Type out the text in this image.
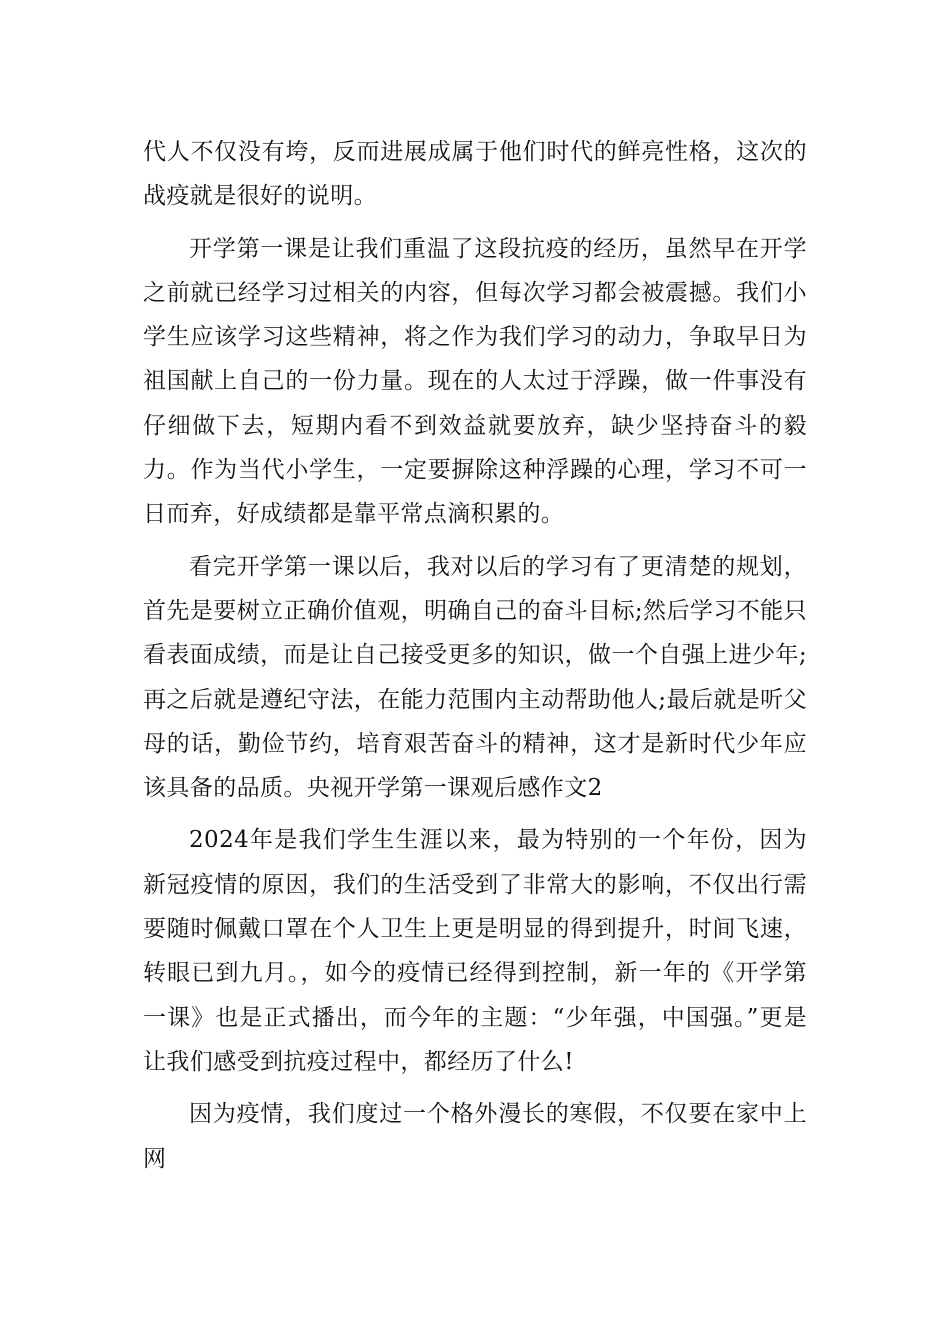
代人不仅没有垮，反而进展成属于他们时代的鲜亮性格，这次的战疫就是很好的说明。

开学第一课是让我们重温了这段抗疫的经历，虽然早在开学之前就已经学习过相关的内容，但每次学习都会被震撼。我们小学生应该学习这些精神，将之作为我们学习的动力，争取早日为祖国献上自己的一份力量。现在的人太过于浮躁，做一件事没有仔细做下去，短期内看不到效益就要放弃，缺少坚持奋斗的毅力。作为当代小学生，一定要摒除这种浮躁的心理，学习不可一日而弃，好成绩都是靠平常点滴积累的。

看完开学第一课以后，我对以后的学习有了更清楚的规划，首先是要树立正确价值观，明确自己的奋斗目标;然后学习不能只看表面成绩，而是让自己接受更多的知识，做一个自强上进少年;再之后就是遵纪守法，在能力范围内主动帮助他人;最后就是听父母的话，勤俭节约，培育艰苦奋斗的精神，这才是新时代少年应该具备的品质。央视开学第一课观后感作文2

2024年是我们学生生涯以来，最为特别的一个年份，因为新冠疫情的原因，我们的生活受到了非常大的影响，不仅出行需要随时佩戴口罩在个人卫生上更是明显的得到提升，时间飞速，转眼已到九月。，如今的疫情已经得到控制，新一年的《开学第一课》也是正式播出，而今年的主题：“少年强，中国强。”更是让我们感受到抗疫过程中，都经历了什么!

因为疫情，我们度过一个格外漫长的寒假，不仅要在家中上网
